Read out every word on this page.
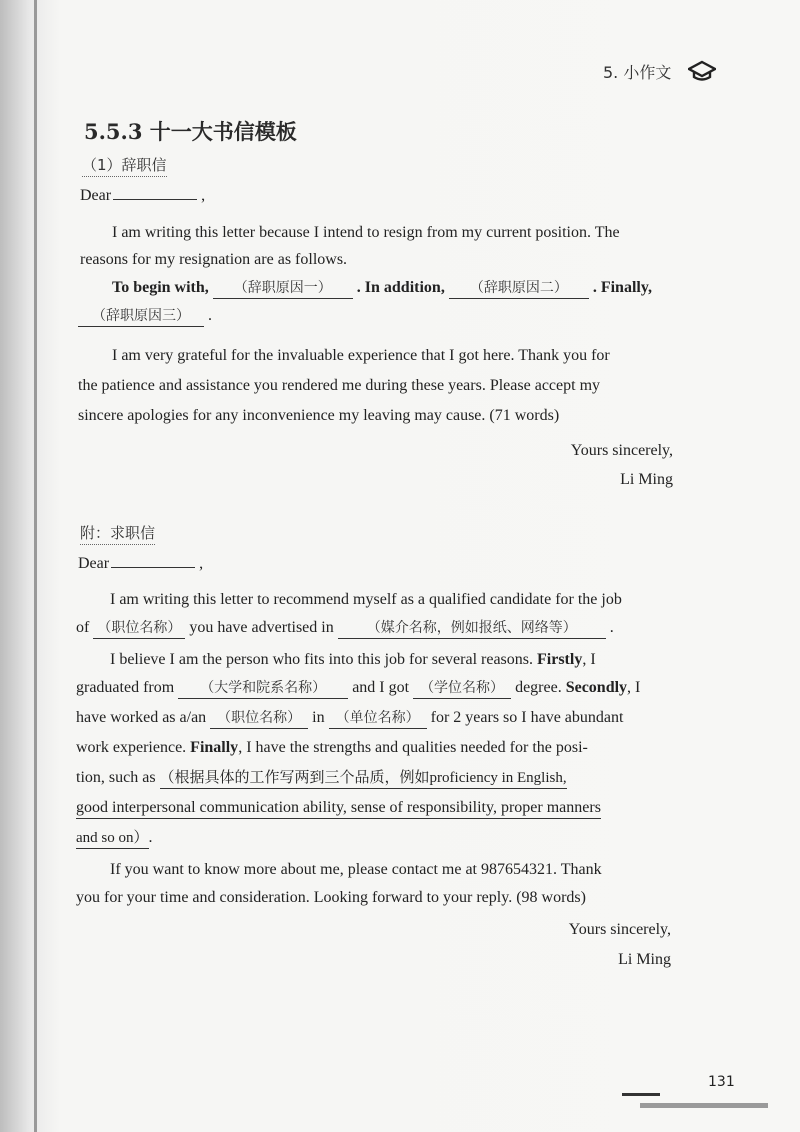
5. 小作文
5.5.3 十一大书信模板
（1）辞职信
Dear	,
I am writing this letter because I intend to resign from my current position. The
reasons for my resignation are as follows.
To begin with, （辞职原因一） . In addition, （辞职原因二） . Finally,
（辞职原因三） .
I am very grateful for the invaluable experience that I got here. Thank you for
the patience and assistance you rendered me during these years. Please accept my
sincere apologies for any inconvenience my leaving may cause. (71 words)
Yours sincerely,
Li Ming
附：求职信
Dear	,
I am writing this letter to recommend myself as a qualified candidate for the job
of （职位名称） you have advertised in （媒介名称，例如报纸、网络等） .
I believe I am the person who fits into this job for several reasons. Firstly, I
graduated from （大学和院系名称） and I got （学位名称） degree. Secondly, I
have worked as a/an （职位名称） in （单位名称） for 2 years so I have abundant
work experience. Finally, I have the strengths and qualities needed for the posi-
tion, such as （根据具体的工作写两到三个品质，例如proficiency in English,
good interpersonal communication ability, sense of responsibility, proper manners
and so on）.
If you want to know more about me, please contact me at 987654321. Thank
you for your time and consideration. Looking forward to your reply. (98 words)
Yours sincerely,
Li Ming
131
